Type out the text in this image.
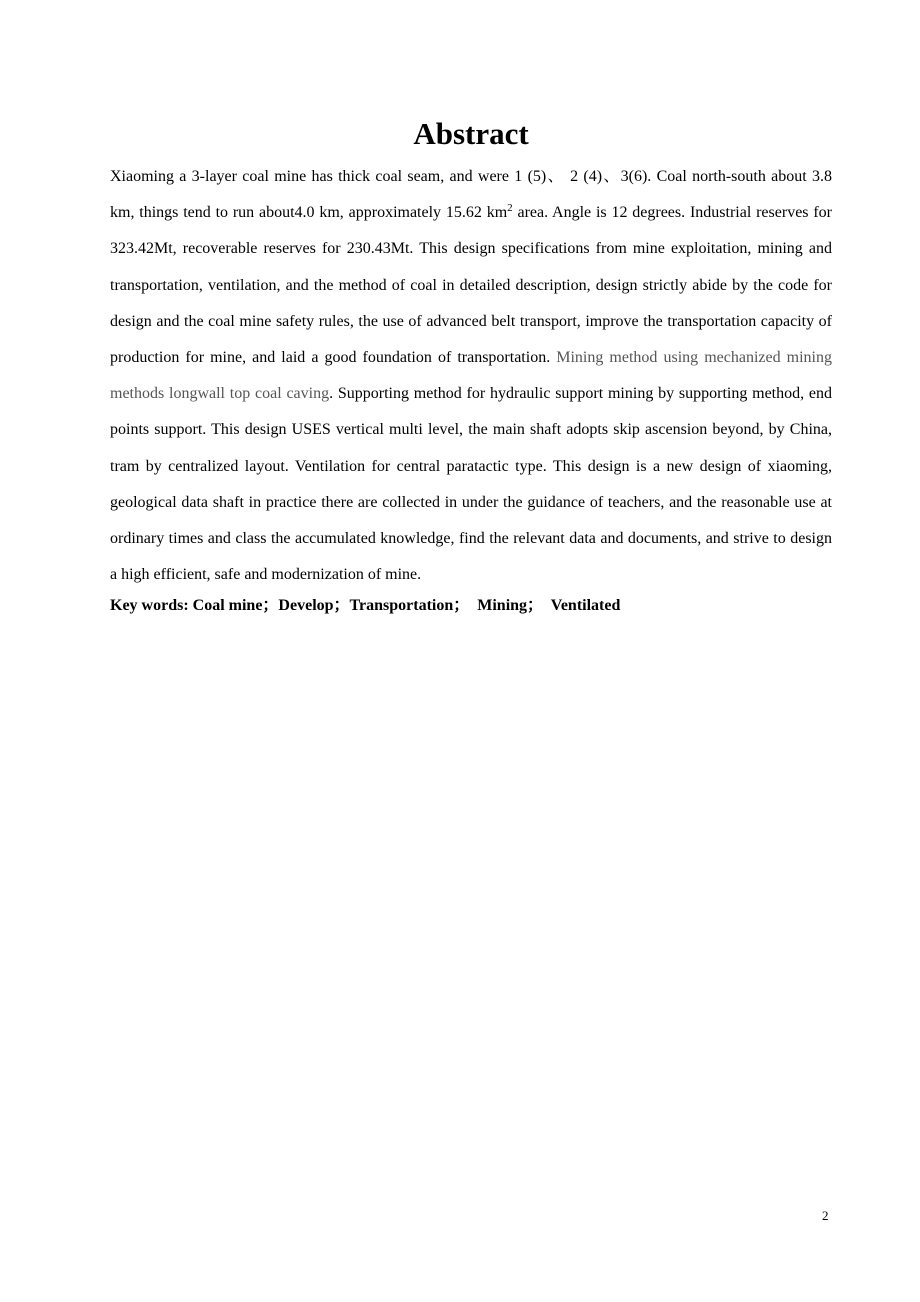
Abstract

Xiaoming a 3-layer coal mine has thick coal seam, and were 1 (5)、 2 (4)、3(6). Coal north-south about 3.8 km, things tend to run about4.0 km, approximately 15.62 $km^2$ area. Angle is 12 degrees. Industrial reserves for 323.42Mt, recoverable reserves for 230.43Mt. This design specifications from mine exploitation, mining and transportation, ventilation, and the method of coal in detailed description, design strictly abide by the code for design and the coal mine safety rules, the use of advanced belt transport, improve the transportation capacity of production for mine, and laid a good foundation of transportation. Mining method using mechanized mining methods longwall top coal caving. Supporting method for hydraulic support mining by supporting method, end points support. This design USES vertical multi level, the main shaft adopts skip ascension beyond, by China, tram by centralized layout. Ventilation for central paratactic type. This design is a new design of xiaoming, geological data shaft in practice there are collected in under the guidance of teachers, and the reasonable use at ordinary times and class the accumulated knowledge, find the relevant data and documents, and strive to design a high efficient, safe and modernization of mine.

Key words: Coal mine；Develop；Transportation；  Mining；  Ventilated

2
